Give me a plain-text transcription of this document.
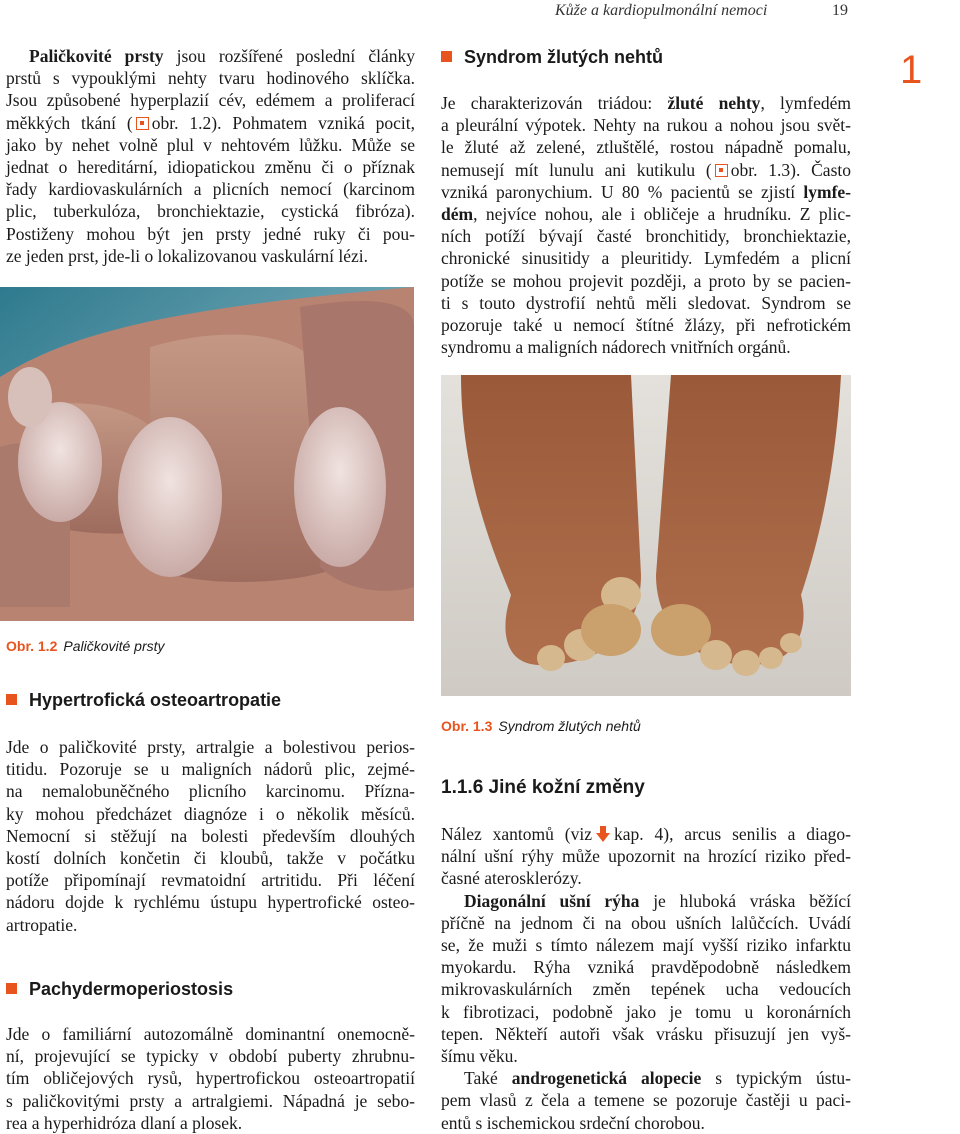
Kůže a kardiopulmonální nemoci	19
1

Paličkovité prsty jsou rozšířené poslední články

prstů s vypouklými nehty tvaru hodinového sklíčka.

Jsou způsobené hyperplazií cév, edémem a proliferací

měkkých tkání ( obr. 1.2). Pohmatem vzniká pocit,

jako by nehet volně plul v nehtovém lůžku. Může se

jednat o hereditární, idiopatickou změnu či o příznak

řady kardiovaskulárních a plicních nemocí (karcinom

plic, tuberkulóza, bronchiektazie, cystická fibróza).

Postiženy mohou být jen prsty jedné ruky či pou-

ze jeden prst, jde-li o lokalizovanou vaskulární lézi.

Obr. 1.2 Paličkovité prsty
Hypertrofická osteoartropatie

Jde o paličkovité prsty, artralgie a bolestivou perios-

titidu. Pozoruje se u maligních nádorů plic, zejmé-

na nemalobuněčného plicního karcinomu. Přízna-

ky mohou předcházet diagnóze i o několik měsíců.

Nemocní si stěžují na bolesti především dlouhých

kostí dolních končetin či kloubů, takže v počátku

potíže připomínají revmatoidní artritidu. Při léčení

nádoru dojde k rychlému ústupu hypertrofické osteo-

artropatie.

Pachydermoperiostosis

Jde o familiární autozomálně dominantní onemocně-

ní, projevující se typicky v období puberty zhrubnu-

tím obličejových rysů, hypertrofickou osteoartropatií

s paličkovitými prsty a artralgiemi. Nápadná je sebo-

rea a hyperhidróza dlaní a plosek.

Syndrom žlutých nehtů

Je charakterizován triádou: žluté nehty, lymfedém

a pleurální výpotek. Nehty na rukou a nohou jsou svět-

le žluté až zelené, ztluštělé, rostou nápadně pomalu,

nemusejí mít lunulu ani kutikulu ( obr. 1.3). Často

vzniká paronychium. U 80 % pacientů se zjistí lymfe-

dém, nejvíce nohou, ale i obličeje a hrudníku. Z plic-

ních potíží bývají časté bronchitidy, bronchiektazie,

chronické sinusitidy a pleuritidy. Lymfedém a plicní

potíže se mohou projevit později, a proto by se pacien-

ti s touto dystrofií nehtů měli sledovat. Syndrom se

pozoruje také u nemocí štítné žlázy, při nefrotickém

syndromu a maligních nádorech vnitřních orgánů.

Obr. 1.3 Syndrom žlutých nehtů
1.1.6 Jiné kožní změny

Nález xantomů (viz kap. 4), arcus senilis a diago-

nální ušní rýhy může upozornit na hrozící riziko před-

časné aterosklerózy.

Diagonální ušní rýha je hluboká vráska běžící

příčně na jednom či na obou ušních lalůčcích. Uvádí

se, že muži s tímto nálezem mají vyšší riziko infarktu

myokardu. Rýha vzniká pravděpodobně následkem

mikrovaskulárních změn tepének ucha vedoucích

k fibrotizaci, podobně jako je tomu u koronárních

tepen. Někteří autoři však vrásku přisuzují jen vyš-

šímu věku.

Také androgenetická alopecie s typickým ústu-

pem vlasů z čela a temene se pozoruje častěji u paci-

entů s ischemickou srdeční chorobou.
